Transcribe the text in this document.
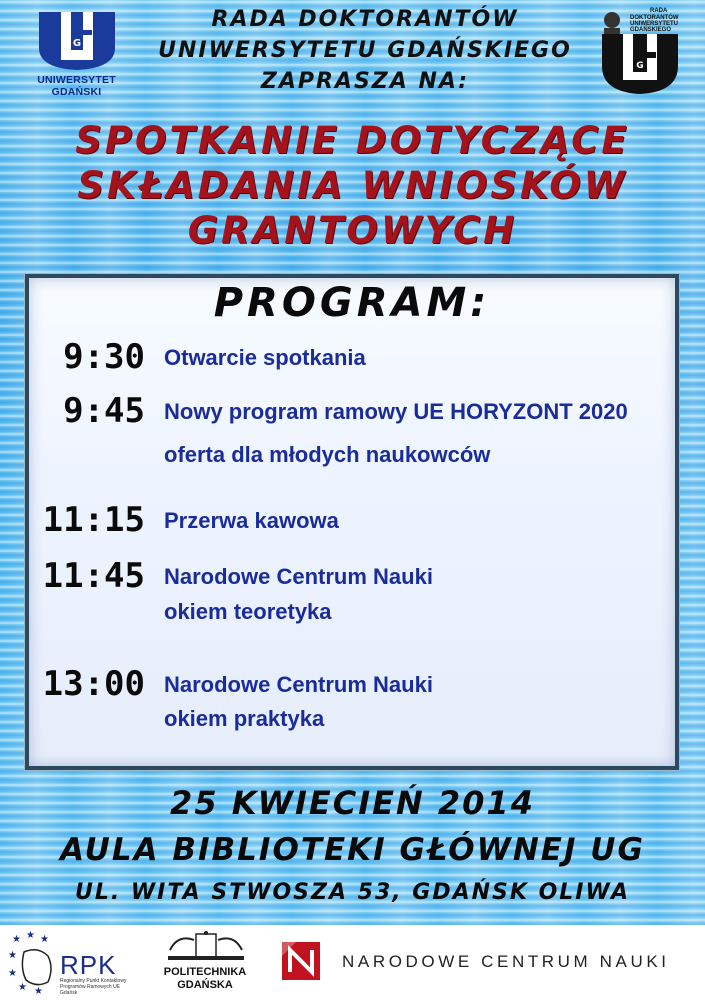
G
UNIWERSYTET GDAŃSKI
RADA DOKTORANTÓW
UNIWERSYTETU GDAŃSKIEGO
ZAPRASZA NA:
RADA
DOKTORANTÓW
UNIWERSYTETU
GDAŃSKIEGO
G
SPOTKANIE DOTYCZĄCE
SKŁADANIA WNIOSKÓW
GRANTOWYCH
PROGRAM:
9:30 Otwarcie spotkania
9:45 Nowy program ramowy UE HORYZONT 2020
oferta dla młodych naukowców
11:15 Przerwa kawowa
11:45 Narodowe Centrum Nauki
okiem teoretyka
13:00 Narodowe Centrum Nauki
okiem praktyka
25 KWIECIEŃ 2014
AULA BIBLIOTEKI GŁÓWNEJ UG
UL. WITA STWOSZA 53, GDAŃSK OLIWA
★ ★ ★
★
★
★ ★
RPK
Regionalny Punkt Kontaktowy Programów Ramowych UE Gdańsk
POLITECHNIKA
GDAŃSKA
NARODOWE CENTRUM NAUKI
